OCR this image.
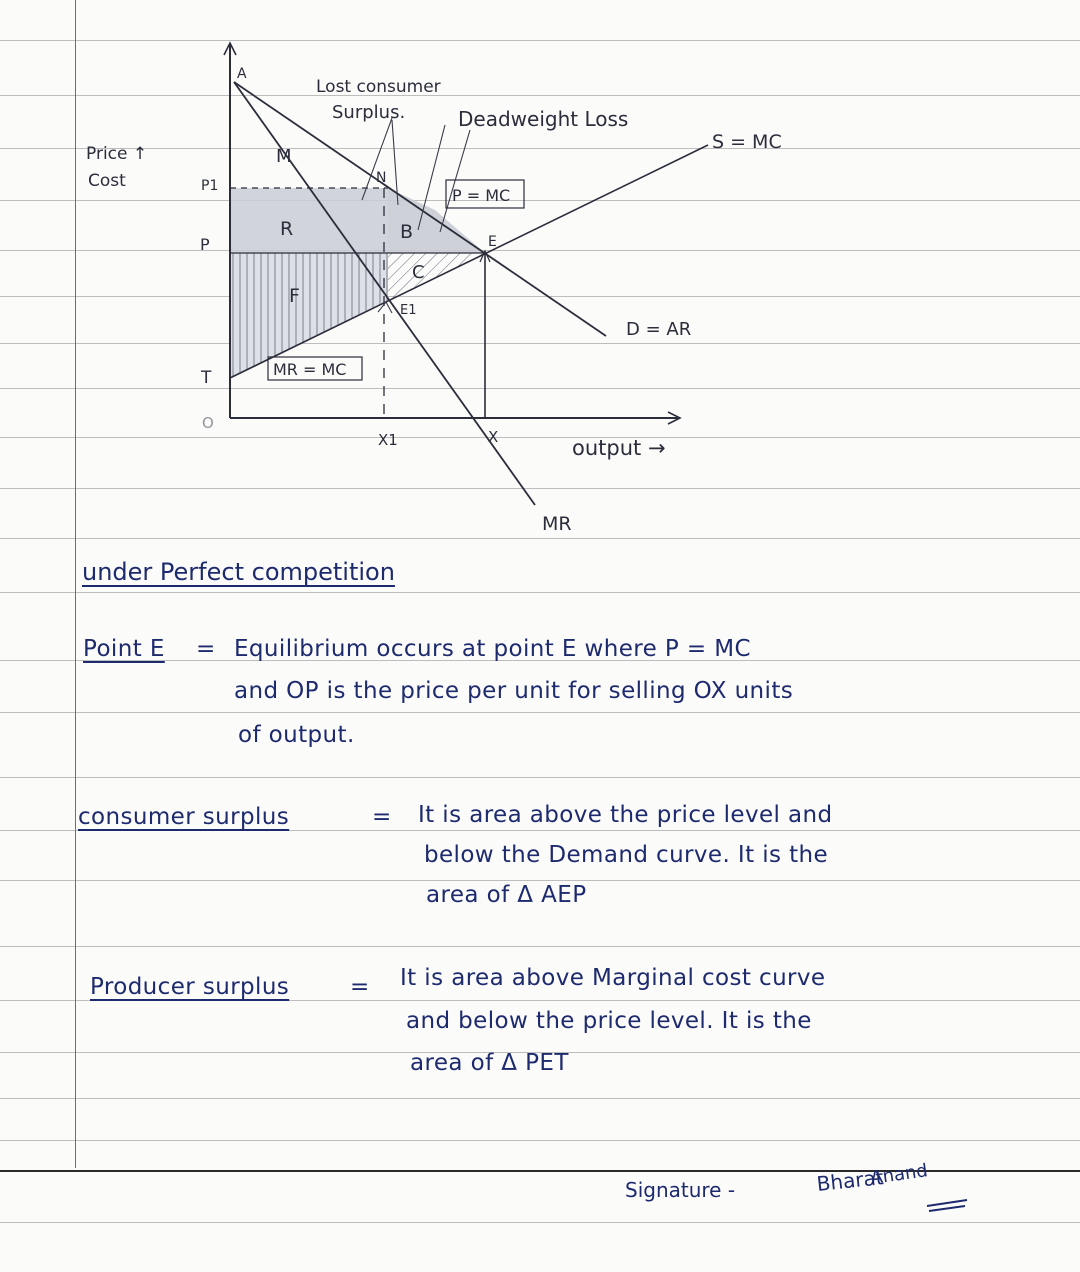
Price ↑
Cost
A
M
N
R	B
C
F
E
E1
P1
P
T
O
X1	X
MR
S = MC
D = AR
output →
Lost consumer
Surplus.	Deadweight Loss
P = MC
MR = MC

under Perfect competition

Point E = Equilibrium occurs at point E where P = MC

and OP is the price per unit for selling OX units

of output.

consumer surplus	= It is area above the price level and

below the Demand curve. It is the

area of Δ AEP

Producer surplus	= It is area above Marginal cost curve

and below the price level. It is the

area of Δ PET

Signature -	Bharat

Anand
